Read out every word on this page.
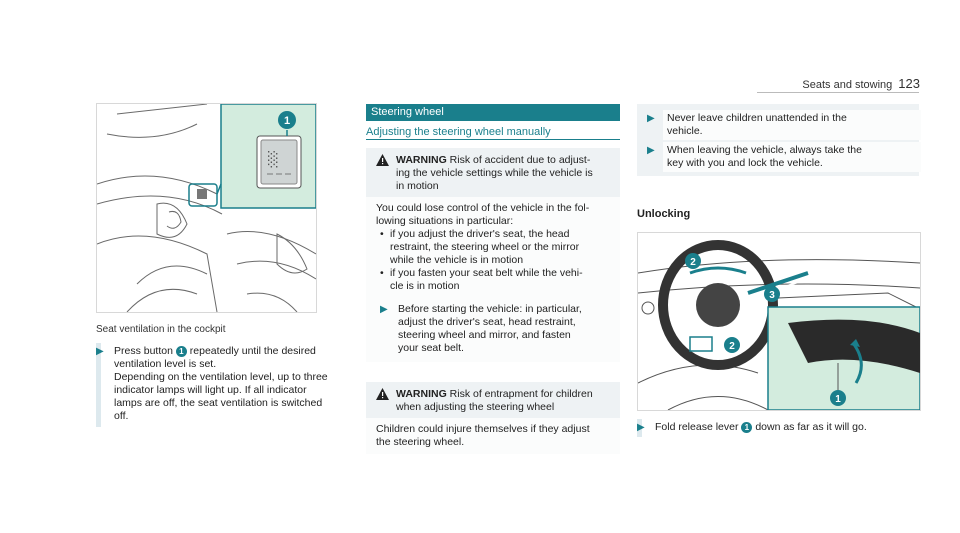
Seats and stowing 123
░
1
Seat ventilation in the cockpit
▶ Press button 1 repeatedly until the desired
ventilation level is set.
Depending on the ventilation level, up to three
indicator lamps will light up. If all indicator
lamps are off, the seat ventilation is switched
off.
Steering wheel
Adjusting the steering wheel manually
WARNING Risk of accident due to adjust-
ing the vehicle settings while the vehicle is
in motion
You could lose control of the vehicle in the fol-
lowing situations in particular:
• if you adjust the driver's seat, the head
restraint, the steering wheel or the mirror
while the vehicle is in motion
• if you fasten your seat belt while the vehi-
cle is in motion
▶ Before starting the vehicle: in particular,
adjust the driver's seat, head restraint,
steering wheel and mirror, and fasten
your seat belt.
WARNING Risk of entrapment for children
when adjusting the steering wheel
Children could injure themselves if they adjust
the steering wheel.
▶ Never leave children unattended in the
vehicle.
▶ When leaving the vehicle, always take the
key with you and lock the vehicle.
Unlocking
2
3
2
1
▶ Fold release lever 1 down as far as it will go.
